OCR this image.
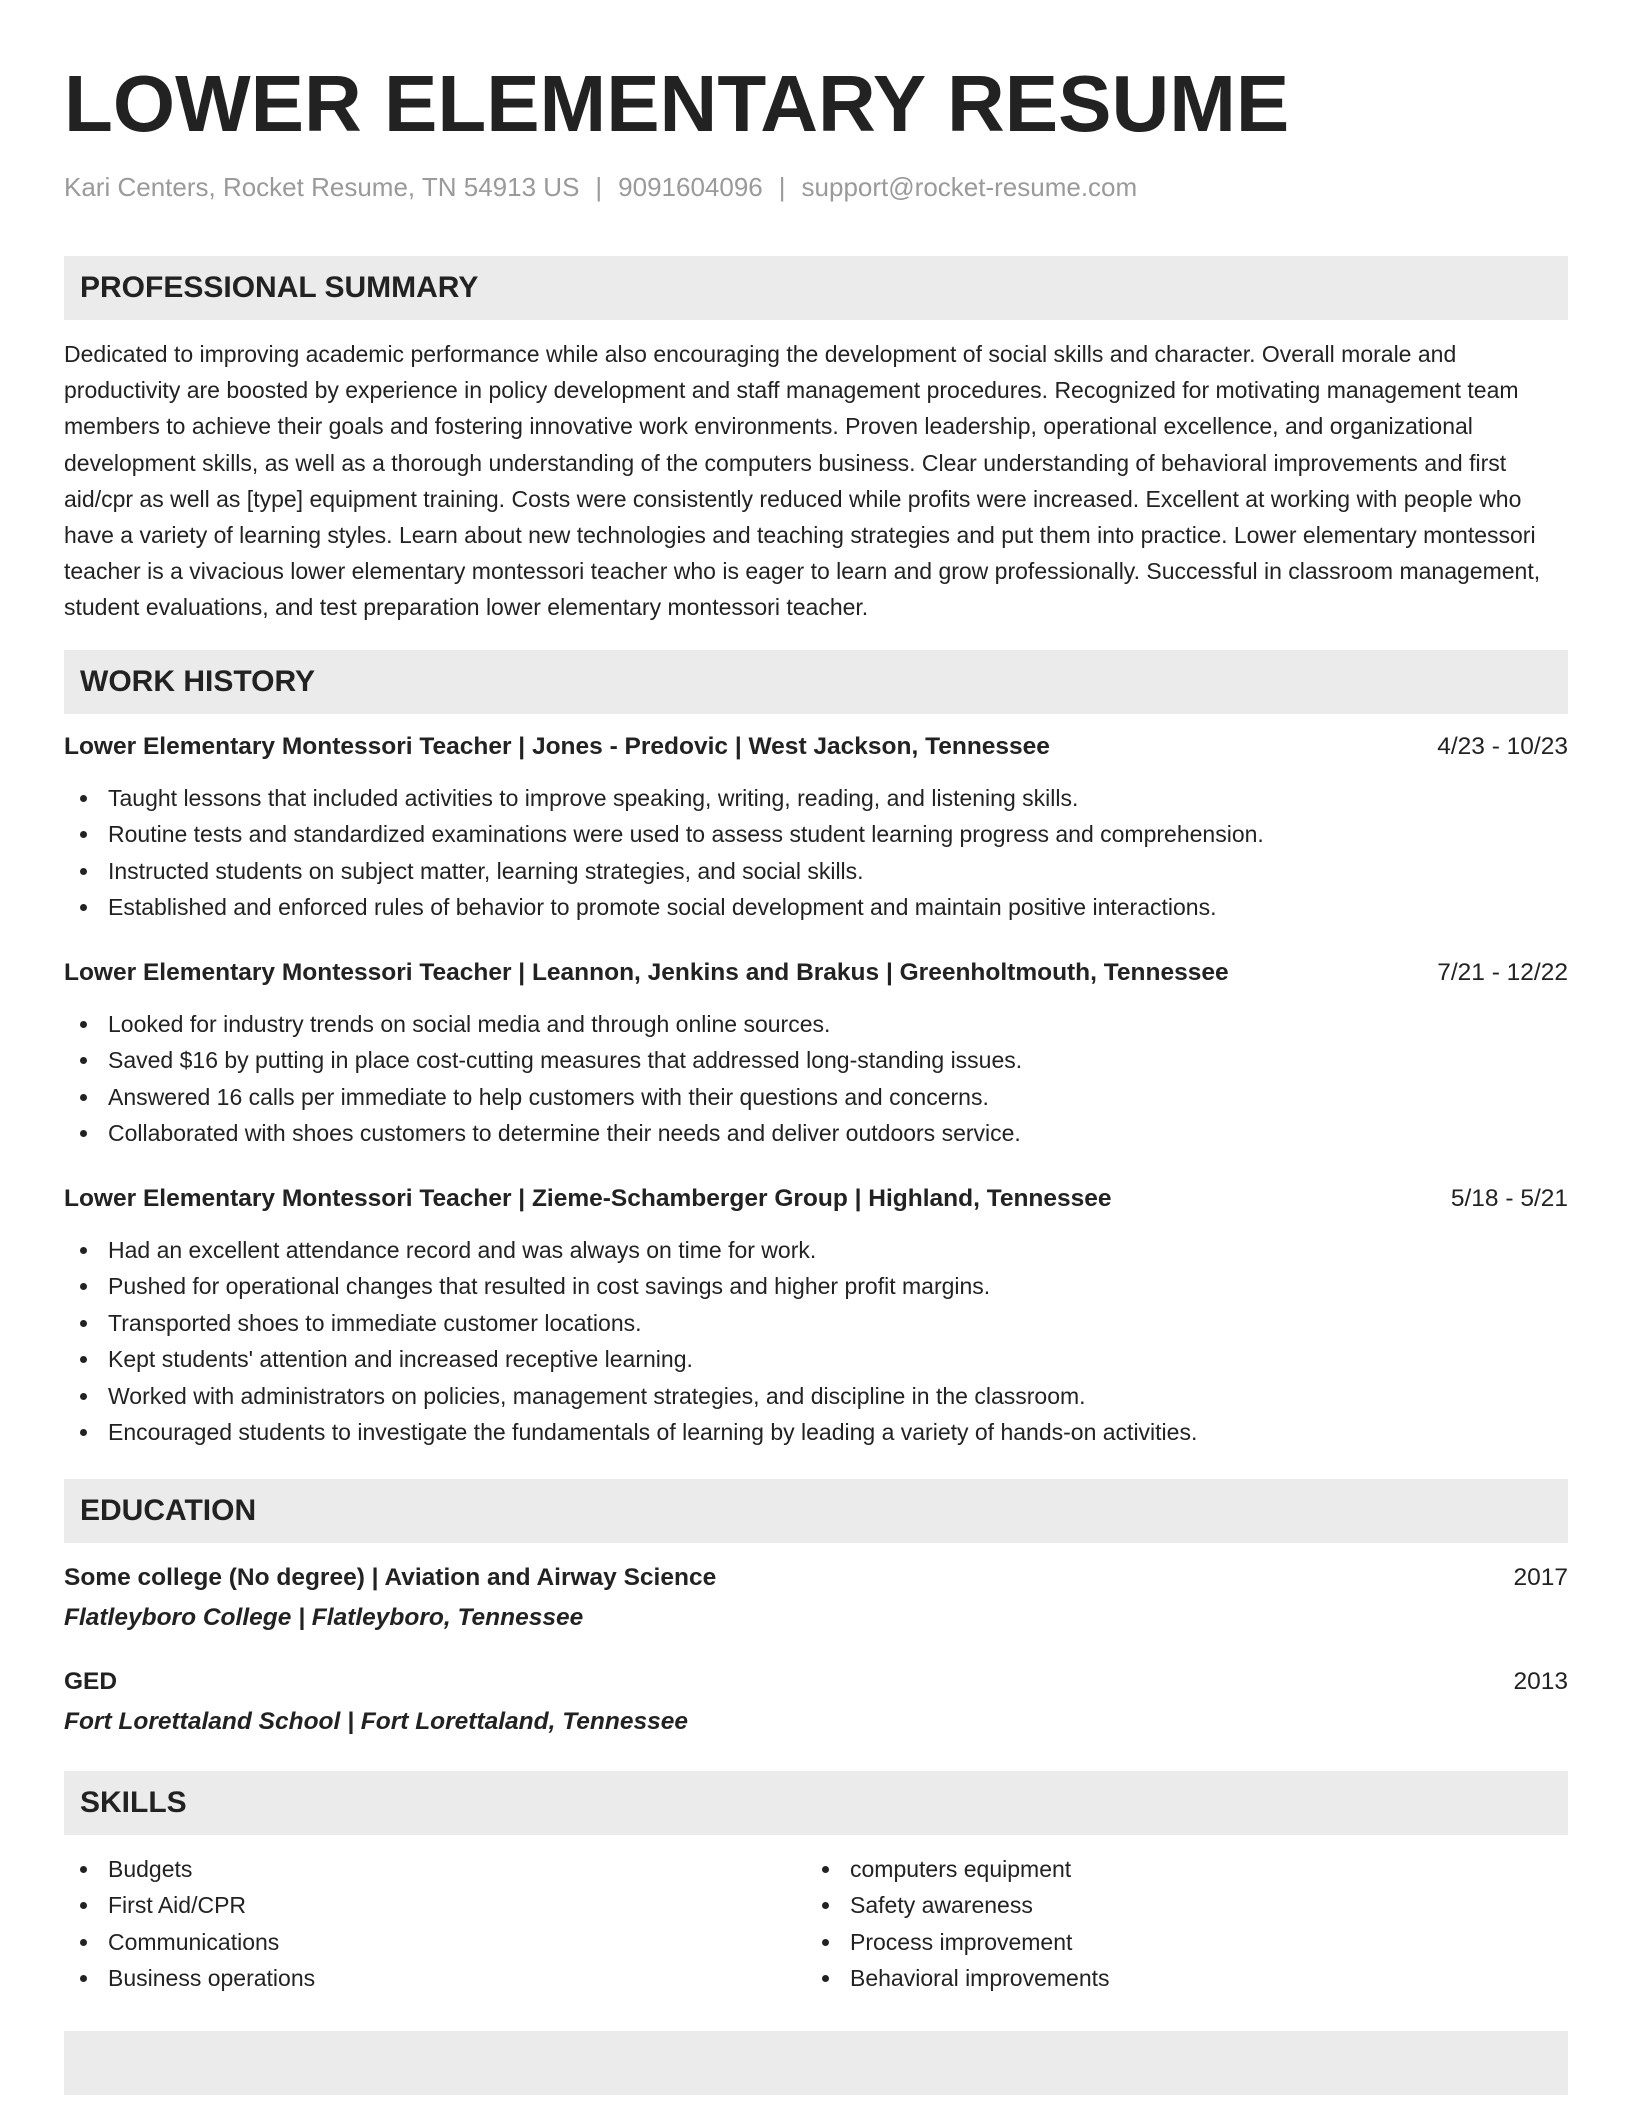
LOWER ELEMENTARY RESUME
Kari Centers, Rocket Resume, TN 54913 US | 9091604096 | support@rocket-resume.com
PROFESSIONAL SUMMARY

Dedicated to improving academic performance while also encouraging the development of social skills and character. Overall morale and productivity are boosted by experience in policy development and staff management procedures. Recognized for motivating management team members to achieve their goals and fostering innovative work environments. Proven leadership, operational excellence, and organizational development skills, as well as a thorough understanding of the computers business. Clear understanding of behavioral improvements and first aid/cpr as well as [type] equipment training. Costs were consistently reduced while profits were increased. Excellent at working with people who have a variety of learning styles. Learn about new technologies and teaching strategies and put them into practice. Lower elementary montessori teacher is a vivacious lower elementary montessori teacher who is eager to learn and grow professionally. Successful in classroom management, student evaluations, and test preparation lower elementary montessori teacher.

WORK HISTORY
Lower Elementary Montessori Teacher | Jones - Predovic | West Jackson, Tennessee	4/23 - 10/23
Taught lessons that included activities to improve speaking, writing, reading, and listening skills.
Routine tests and standardized examinations were used to assess student learning progress and comprehension.
Instructed students on subject matter, learning strategies, and social skills.
Established and enforced rules of behavior to promote social development and maintain positive interactions.
Lower Elementary Montessori Teacher | Leannon, Jenkins and Brakus | Greenholtmouth, Tennessee	7/21 - 12/22
Looked for industry trends on social media and through online sources.
Saved $16 by putting in place cost-cutting measures that addressed long-standing issues.
Answered 16 calls per immediate to help customers with their questions and concerns.
Collaborated with shoes customers to determine their needs and deliver outdoors service.
Lower Elementary Montessori Teacher | Zieme-Schamberger Group | Highland, Tennessee	5/18 - 5/21
Had an excellent attendance record and was always on time for work.
Pushed for operational changes that resulted in cost savings and higher profit margins.
Transported shoes to immediate customer locations.
Kept students' attention and increased receptive learning.
Worked with administrators on policies, management strategies, and discipline in the classroom.
Encouraged students to investigate the fundamentals of learning by leading a variety of hands-on activities.
EDUCATION
Some college (No degree) | Aviation and Airway Science	2017
Flatleyboro College | Flatleyboro, Tennessee
GED	2013
Fort Lorettaland School | Fort Lorettaland, Tennessee
SKILLS
Budgets
First Aid/CPR
Communications
Business operations
computers equipment
Safety awareness
Process improvement
Behavioral improvements
